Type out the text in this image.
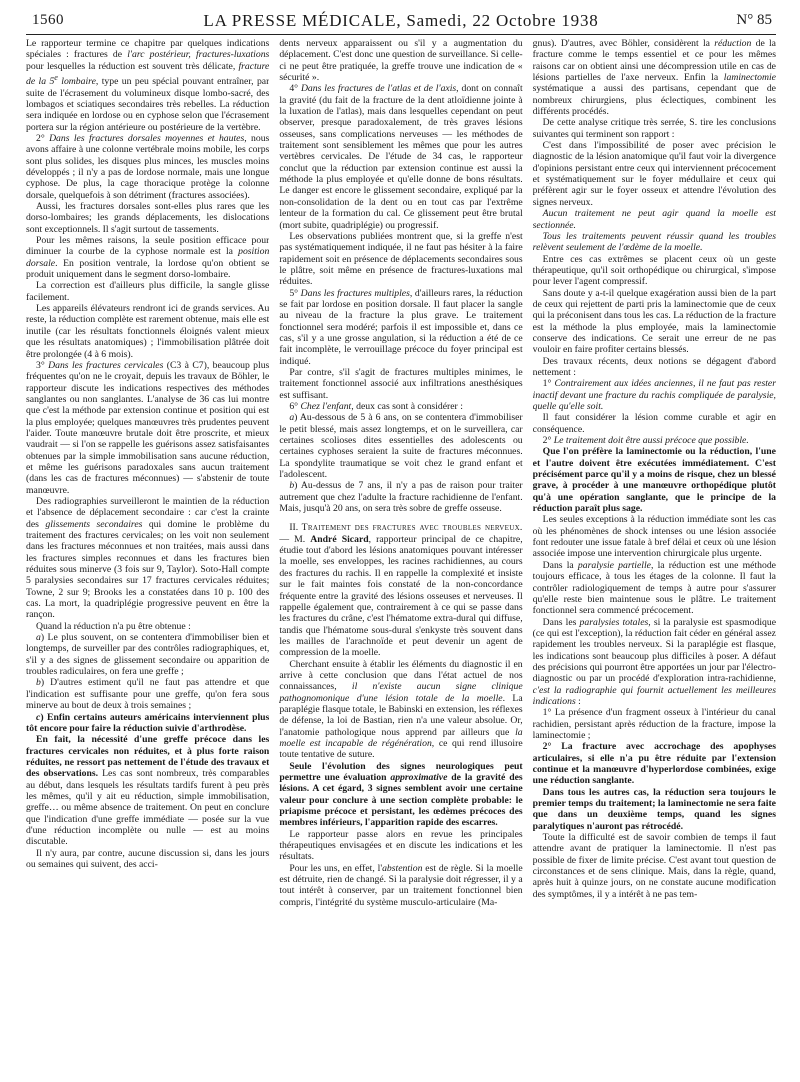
1560	LA PRESSE MÉDICALE, Samedi, 22 Octobre 1938	N° 85

Le rapporteur termine ce chapitre par quelques indications spéciales : fractures de l'arc postérieur, fractures-luxations pour lesquelles la réduction est souvent très délicate, fracture de la 5e lombaire, type un peu spécial pouvant entraîner, par suite de l'écrasement du volumineux disque lombo-sacré, des lombagos et sciatiques secondaires très rebelles. La réduction sera indiquée en lordose ou en cyphose selon que l'écrasement portera sur la région antérieure ou postérieure de la vertèbre.

2° Dans les fractures dorsales moyennes et hautes, nous avons affaire à une colonne vertébrale moins mobile, les corps sont plus solides, les disques plus minces, les muscles moins développés ; il n'y a pas de lordose normale, mais une longue cyphose. De plus, la cage thoracique protège la colonne dorsale, quelquefois à son détriment (fractures associées).

Aussi, les fractures dorsales sont-elles plus rares que les dorso-lombaires; les grands déplacements, les dislocations sont exceptionnels. Il s'agit surtout de tassements.

Pour les mêmes raisons, la seule position efficace pour diminuer la courbe de la cyphose normale est la position dorsale. En position ventrale, la lordose qu'on obtient se produit uniquement dans le segment dorso-lombaire.

La correction est d'ailleurs plus difficile, la sangle glisse facilement.

Les appareils élévateurs rendront ici de grands services. Au reste, la réduction complète est rarement obtenue, mais elle est inutile (car les résultats fonctionnels éloignés valent mieux que les résultats anatomiques) ; l'immobilisation plâtrée doit être prolongée (4 à 6 mois).

3° Dans les fractures cervicales (C3 à C7), beaucoup plus fréquentes qu'on ne le croyait, depuis les travaux de Böhler, le rapporteur discute les indications respectives des méthodes sanglantes ou non sanglantes. L'analyse de 36 cas lui montre que c'est la méthode par extension continue et position qui est la plus employée; quelques manœuvres très prudentes peuvent l'aider. Toute manœuvre brutale doit être proscrite, et mieux vaudrait — si l'on se rappelle les guérisons assez satisfaisantes obtenues par la simple immobilisation sans aucune réduction, et même les guérisons paradoxales sans aucun traitement (dans les cas de fractures méconnues) — s'abstenir de toute manœuvre.

Des radiographies surveilleront le maintien de la réduction et l'absence de déplacement secondaire : car c'est la crainte des glissements secondaires qui domine le problème du traitement des fractures cervicales; on les voit non seulement dans les fractures méconnues et non traitées, mais aussi dans les fractures simples reconnues et dans les fractures bien réduites sous minerve (3 fois sur 9, Taylor). Soto-Hall compte 5 paralysies secondaires sur 17 fractures cervicales réduites; Towne, 2 sur 9; Brooks les a constatées dans 10 p. 100 des cas. La mort, la quadriplégie progressive peuvent en être la rançon.

Quand la réduction n'a pu être obtenue :

a) Le plus souvent, on se contentera d'immobiliser bien et longtemps, de surveiller par des contrôles radiographiques, et, s'il y a des signes de glissement secondaire ou apparition de troubles radiculaires, on fera une greffe ;

b) D'autres estiment qu'il ne faut pas attendre et que l'indication est suffisante pour une greffe, qu'on fera sous minerve au bout de deux à trois semaines ;

c) Enfin certains auteurs américains interviennent plus tôt encore pour faire la réduction suivie d'arthrodèse.

En fait, la nécessité d'une greffe précoce dans les fractures cervicales non réduites, et à plus forte raison réduites, ne ressort pas nettement de l'étude des travaux et des observations. Les cas sont nombreux, très comparables au début, dans lesquels les résultats tardifs furent à peu près les mêmes, qu'il y ait eu réduction, simple immobilisation, greffe… ou même absence de traitement. On peut en conclure que l'indication d'une greffe immédiate — posée sur la vue d'une réduction incomplète ou nulle — est au moins discutable.

Il n'y aura, par contre, aucune discussion si, dans les jours ou semaines qui suivent, des acci-

dents nerveux apparaissent ou s'il y a augmentation du déplacement. C'est donc une question de surveillance. Si celle-ci ne peut être pratiquée, la greffe trouve une indication de « sécurité ».

4° Dans les fractures de l'atlas et de l'axis, dont on connaît la gravité (du fait de la fracture de la dent atloïdienne jointe à la luxation de l'atlas), mais dans lesquelles cependant on peut observer, presque paradoxalement, de très graves lésions osseuses, sans complications nerveuses — les méthodes de traitement sont sensiblement les mêmes que pour les autres vertèbres cervicales. De l'étude de 34 cas, le rapporteur conclut que la réduction par extension continue est aussi la méthode la plus employée et qu'elle donne de bons résultats. Le danger est encore le glissement secondaire, expliqué par la non-consolidation de la dent ou en tout cas par l'extrême lenteur de la formation du cal. Ce glissement peut être brutal (mort subite, quadriplégie) ou progressif.

Les observations publiées montrent que, si la greffe n'est pas systématiquement indiquée, il ne faut pas hésiter à la faire rapidement soit en présence de déplacements secondaires sous le plâtre, soit même en présence de fractures-luxations mal réduites.

5° Dans les fractures multiples, d'ailleurs rares, la réduction se fait par lordose en position dorsale. Il faut placer la sangle au niveau de la fracture la plus grave. Le traitement fonctionnel sera modéré; parfois il est impossible et, dans ce cas, s'il y a une grosse angulation, si la réduction a été de ce fait incomplète, le verrouillage précoce du foyer principal est indiqué.

Par contre, s'il s'agit de fractures multiples minimes, le traitement fonctionnel associé aux infiltrations anesthésiques est suffisant.

6° Chez l'enfant, deux cas sont à considérer :

a) Au-dessous de 5 à 6 ans, on se contentera d'immobiliser le petit blessé, mais assez longtemps, et on le surveillera, car certaines scolioses dites essentielles des adolescents ou certaines cyphoses seraient la suite de fractures méconnues. La spondylite traumatique se voit chez le grand enfant et l'adolescent.

b) Au-dessus de 7 ans, il n'y a pas de raison pour traiter autrement que chez l'adulte la fracture rachidienne de l'enfant. Mais, jusqu'à 20 ans, on sera très sobre de greffe osseuse.

II. Traitement des fractures avec troubles nerveux. — M. André Sicard, rapporteur principal de ce chapitre, étudie tout d'abord les lésions anatomiques pouvant intéresser la moelle, ses enveloppes, les racines rachidiennes, au cours des fractures du rachis. Il en rappelle la complexité et insiste sur le fait maintes fois constaté de la non-concordance fréquente entre la gravité des lésions osseuses et nerveuses. Il rappelle également que, contrairement à ce qui se passe dans les fractures du crâne, c'est l'hématome extra-dural qui diffuse, tandis que l'hématome sous-dural s'enkyste très souvent dans les mailles de l'arachnoïde et peut devenir un agent de compression de la moelle.

Cherchant ensuite à établir les éléments du diagnostic il en arrive à cette conclusion que dans l'état actuel de nos connaissances, il n'existe aucun signe clinique pathognomonique d'une lésion totale de la moelle. La paraplégie flasque totale, le Babinski en extension, les réflexes de défense, la loi de Bastian, rien n'a une valeur absolue. Or, l'anatomie pathologique nous apprend par ailleurs que la moelle est incapable de régénération, ce qui rend illusoire toute tentative de suture.

Seule l'évolution des signes neurologiques peut permettre une évaluation approximative de la gravité des lésions. A cet égard, 3 signes semblent avoir une certaine valeur pour conclure à une section complète probable: le priapisme précoce et persistant, les œdèmes précoces des membres inférieurs, l'apparition rapide des escarres.

Le rapporteur passe alors en revue les principales thérapeutiques envisagées et en discute les indications et les résultats.

Pour les uns, en effet, l'abstention est de règle. Si la moelle est détruite, rien de changé. Si la paralysie doit régresser, il y a tout intérêt à conserver, par un traitement fonctionnel bien compris, l'intégrité du système musculo-articulaire (Ma-

gnus). D'autres, avec Böhler, considèrent la réduction de la fracture comme le temps essentiel et ce pour les mêmes raisons car on obtient ainsi une décompression utile en cas de lésions partielles de l'axe nerveux. Enfin la laminectomie systématique a aussi des partisans, cependant que de nombreux chirurgiens, plus éclectiques, combinent les différents procédés.

De cette analyse critique très serrée, S. tire les conclusions suivantes qui terminent son rapport :

C'est dans l'impossibilité de poser avec précision le diagnostic de la lésion anatomique qu'il faut voir la divergence d'opinions persistant entre ceux qui interviennent précocement et systématiquement sur le foyer médullaire et ceux qui préfèrent agir sur le foyer osseux et attendre l'évolution des signes nerveux.

Aucun traitement ne peut agir quand la moelle est sectionnée.

Tous les traitements peuvent réussir quand les troubles relèvent seulement de l'œdème de la moelle.

Entre ces cas extrêmes se placent ceux où un geste thérapeutique, qu'il soit orthopédique ou chirurgical, s'impose pour lever l'agent compressif.

Sans doute y a-t-il quelque exagération aussi bien de la part de ceux qui rejettent de parti pris la laminectomie que de ceux qui la préconisent dans tous les cas. La réduction de la fracture est la méthode la plus employée, mais la laminectomie conserve des indications. Ce serait une erreur de ne pas vouloir en faire profiter certains blessés.

Des travaux récents, deux notions se dégagent d'abord nettement :

1° Contrairement aux idées anciennes, il ne faut pas rester inactif devant une fracture du rachis compliquée de paralysie, quelle qu'elle soit.

Il faut considérer la lésion comme curable et agir en conséquence.

2° Le traitement doit être aussi précoce que possible.

Que l'on préfère la laminectomie ou la réduction, l'une et l'autre doivent être exécutées immédiatement. C'est précisément parce qu'il y a moins de risque, chez un blessé grave, à procéder à une manœuvre orthopédique plutôt qu'à une opération sanglante, que le principe de la réduction paraît plus sage.

Les seules exceptions à la réduction immédiate sont les cas où les phénomènes de shock intenses ou une lésion associée font redouter une issue fatale à bref délai et ceux où une lésion associée impose une intervention chirurgicale plus urgente.

Dans la paralysie partielle, la réduction est une méthode toujours efficace, à tous les étages de la colonne. Il faut la contrôler radiologiquement de temps à autre pour s'assurer qu'elle reste bien maintenue sous le plâtre. Le traitement fonctionnel sera commencé précocement.

Dans les paralysies totales, si la paralysie est spasmodique (ce qui est l'exception), la réduction fait céder en général assez rapidement les troubles nerveux. Si la paraplégie est flasque, les indications sont beaucoup plus difficiles à poser. A défaut des précisions qui pourront être apportées un jour par l'électro-diagnostic ou par un procédé d'exploration intra-rachidienne, c'est la radiographie qui fournit actuellement les meilleures indications :

1° La présence d'un fragment osseux à l'intérieur du canal rachidien, persistant après réduction de la fracture, impose la laminectomie ;

2° La fracture avec accrochage des apophyses articulaires, si elle n'a pu être réduite par l'extension continue et la manœuvre d'hyperlordose combinées, exige une réduction sanglante.

Dans tous les autres cas, la réduction sera toujours le premier temps du traitement; la laminectomie ne sera faite que dans un deuxième temps, quand les signes paralytiques n'auront pas rétrocédé.

Toute la difficulté est de savoir combien de temps il faut attendre avant de pratiquer la laminectomie. Il n'est pas possible de fixer de limite précise. C'est avant tout question de circonstances et de sens clinique. Mais, dans la règle, quand, après huit à quinze jours, on ne constate aucune modification des symptômes, il y a intérêt à ne pas tem-
